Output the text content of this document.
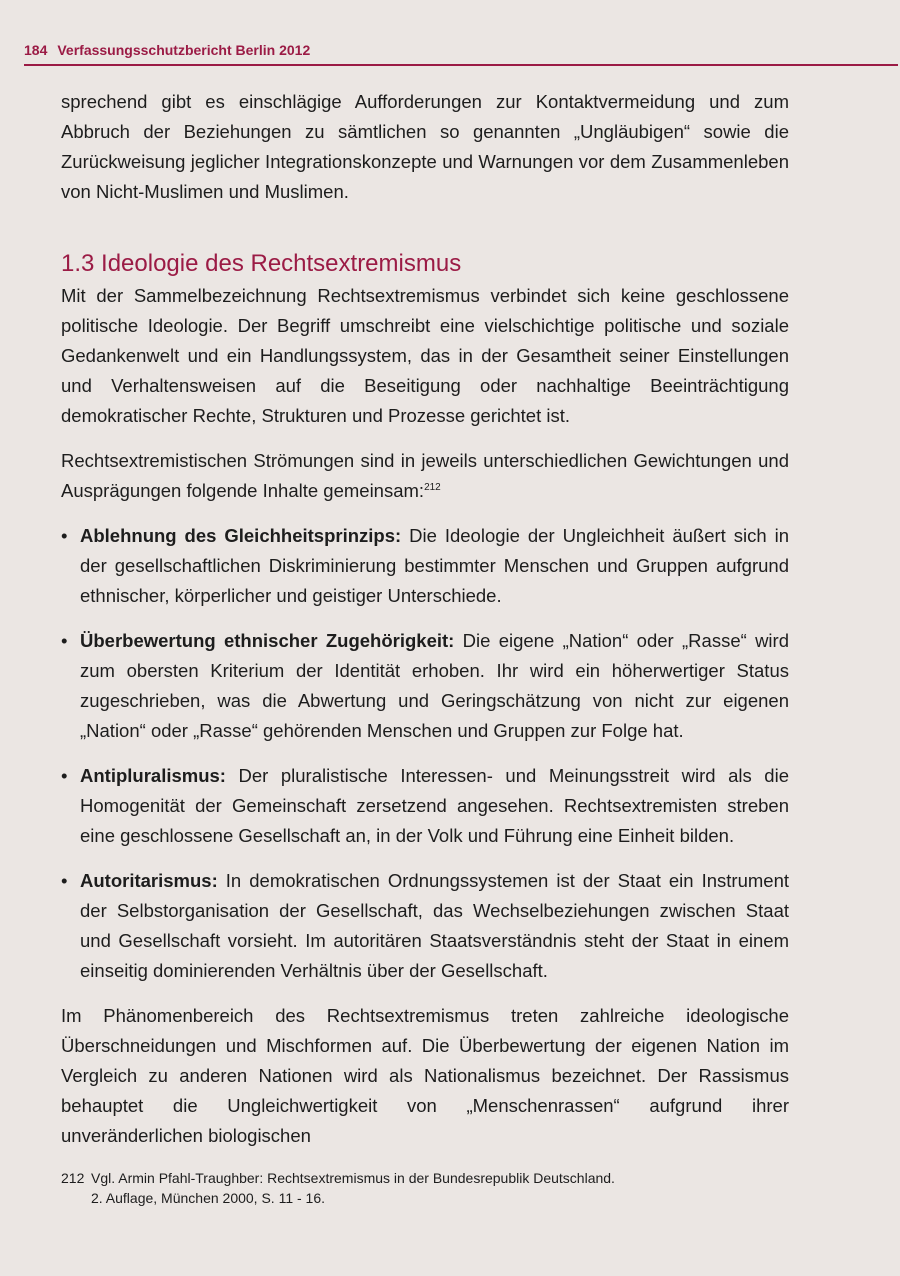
184 Verfassungsschutzbericht Berlin 2012

sprechend gibt es einschlägige Aufforderungen zur Kontaktvermeidung und zum Abbruch der Beziehungen zu sämtlichen so genannten „Ungläubigen“ sowie die Zurückweisung jeglicher Integrationskonzepte und Warnungen vor dem Zusammenleben von Nicht-Muslimen und Muslimen.

1.3 Ideologie des Rechtsextremismus

Mit der Sammelbezeichnung Rechtsextremismus verbindet sich keine geschlossene politische Ideologie. Der Begriff umschreibt eine vielschichtige politische und soziale Gedankenwelt und ein Handlungssystem, das in der Gesamtheit seiner Einstellungen und Verhaltensweisen auf die Beseitigung oder nachhaltige Beeinträchtigung demokratischer Rechte, Strukturen und Prozesse gerichtet ist.

Rechtsextremistischen Strömungen sind in jeweils unterschiedlichen Gewichtungen und Ausprägungen folgende Inhalte gemeinsam:$^{212}$

• Ablehnung des Gleichheitsprinzips: Die Ideologie der Ungleichheit äußert sich in der gesellschaftlichen Diskriminierung bestimmter Menschen und Gruppen aufgrund ethnischer, körperlicher und geistiger Unterschiede.
• Überbewertung ethnischer Zugehörigkeit: Die eigene „Nation“ oder „Rasse“ wird zum obersten Kriterium der Identität erhoben. Ihr wird ein höherwertiger Status zugeschrieben, was die Abwertung und Geringschätzung von nicht zur eigenen „Nation“ oder „Rasse“ gehörenden Menschen und Gruppen zur Folge hat.
• Antipluralismus: Der pluralistische Interessen- und Meinungsstreit wird als die Homogenität der Gemeinschaft zersetzend angesehen. Rechtsextremisten streben eine geschlossene Gesellschaft an, in der Volk und Führung eine Einheit bilden.
• Autoritarismus: In demokratischen Ordnungssystemen ist der Staat ein Instrument der Selbstorganisation der Gesellschaft, das Wechselbeziehungen zwischen Staat und Gesellschaft vorsieht. Im autoritären Staatsverständnis steht der Staat in einem einseitig dominierenden Verhältnis über der Gesellschaft.

Im Phänomenbereich des Rechtsextremismus treten zahlreiche ideologische Überschneidungen und Mischformen auf. Die Überbewertung der eigenen Nation im Vergleich zu anderen Nationen wird als Nationalismus bezeichnet. Der Rassismus behauptet die Ungleichwertigkeit von „Menschenrassen“ aufgrund ihrer unveränderlichen biologischen

212 Vgl. Armin Pfahl-Traughber: Rechtsextremismus in der Bundesrepublik Deutschland.
2. Auflage, München 2000, S. 11 - 16.
